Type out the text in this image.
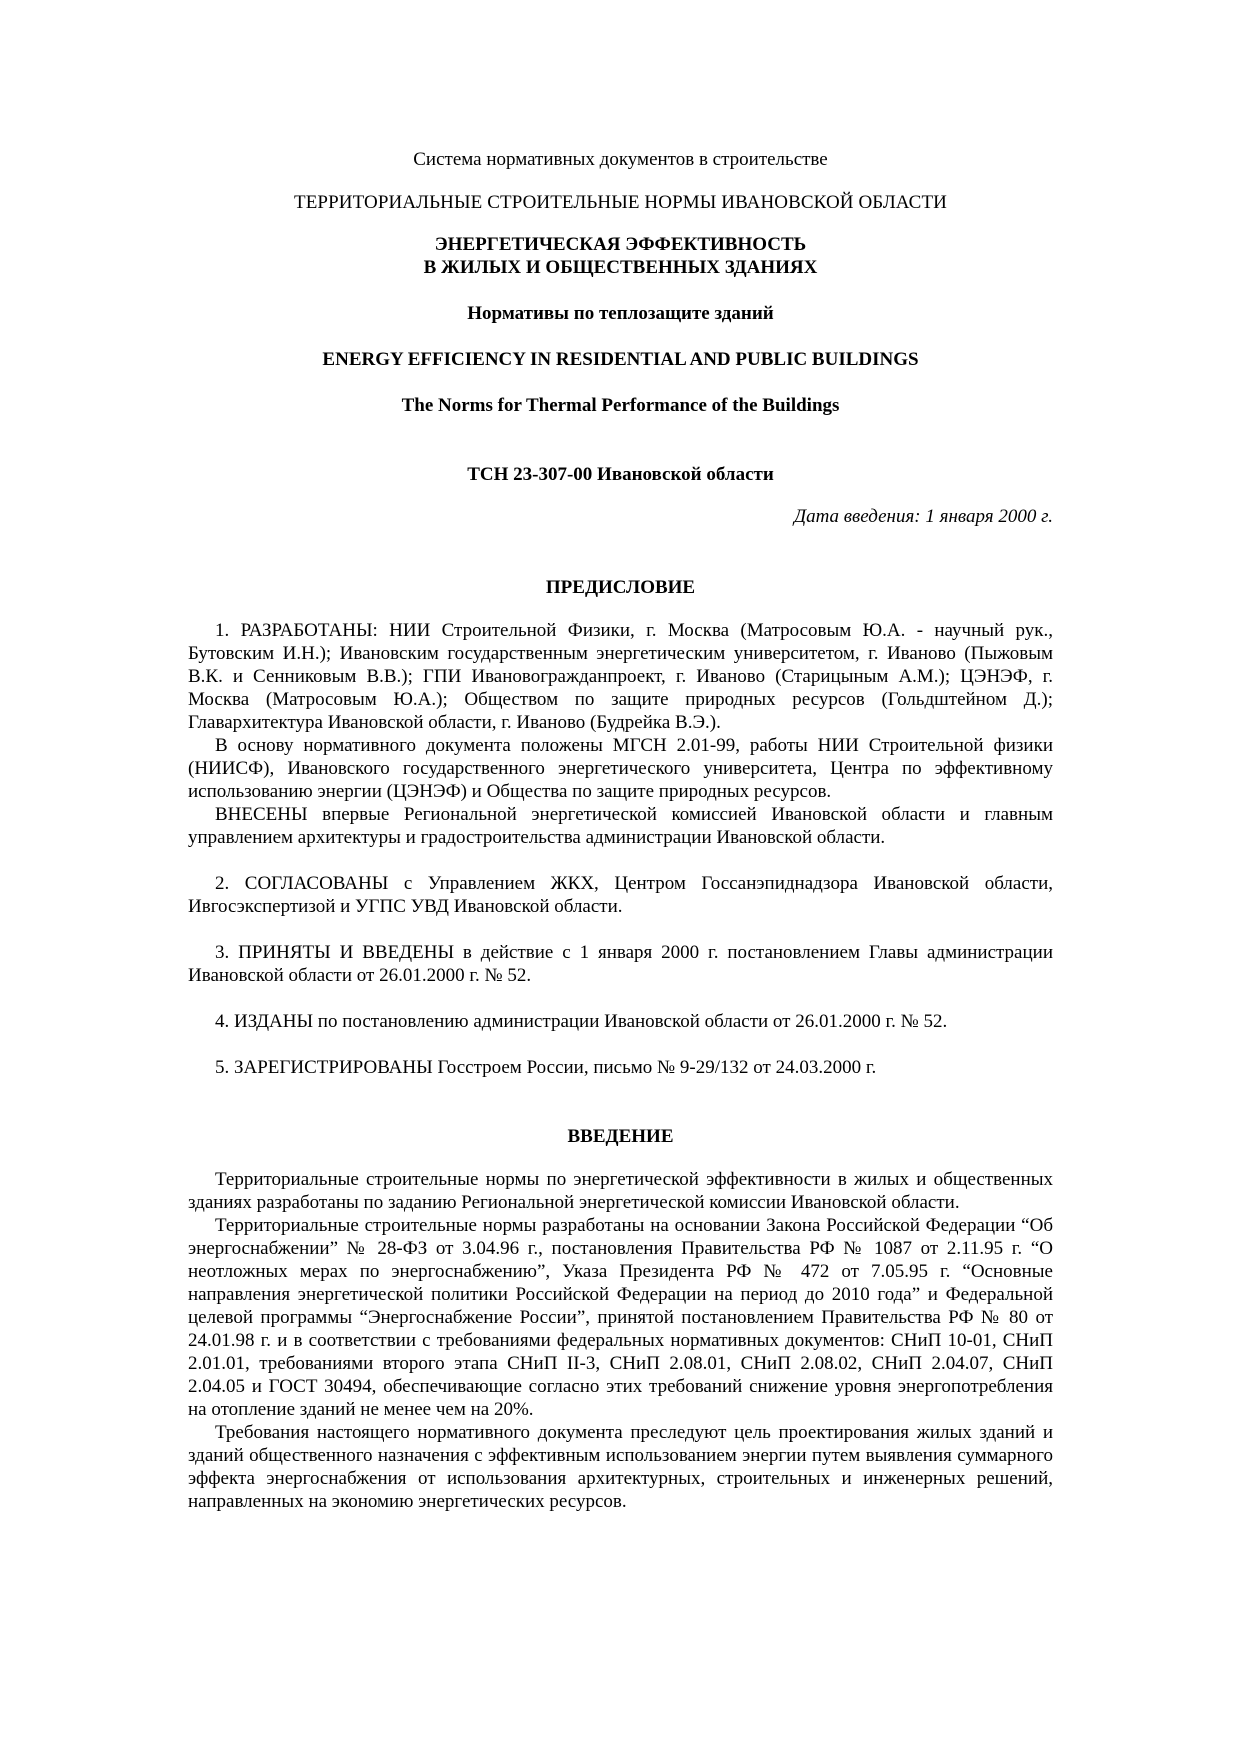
Система нормативных документов в строительстве
ТЕРРИТОРИАЛЬНЫЕ СТРОИТЕЛЬНЫЕ НОРМЫ ИВАНОВСКОЙ ОБЛАСТИ
ЭНЕРГЕТИЧЕСКАЯ ЭФФЕКТИВНОСТЬ
В ЖИЛЫХ И ОБЩЕСТВЕННЫХ ЗДАНИЯХ
Нормативы по теплозащите зданий
ENERGY EFFICIENCY IN RESIDENTIAL AND PUBLIC BUILDINGS
The Norms for Thermal Performance of the Buildings
ТСН 23-307-00 Ивановской области
Дата введения: 1 января 2000 г.
ПРЕДИСЛОВИЕ

1. РАЗРАБОТАНЫ: НИИ Строительной Физики, г. Москва (Матросовым Ю.А. - научный рук., Бутовским И.Н.); Ивановским государственным энергетическим университетом, г. Иваново (Пыжовым В.К. и Сенниковым В.В.); ГПИ Ивановогражданпроект, г. Иваново (Старицыным А.М.); ЦЭНЭФ, г. Москва (Матросовым Ю.А.); Обществом по защите природных ресурсов (Гольдштейном Д.); Главархитектура Ивановской области, г. Иваново (Будрейка В.Э.).

В основу нормативного документа положены МГСН 2.01-99, работы НИИ Строительной физики (НИИСФ), Ивановского государственного энергетического университета, Центра по эффективному использованию энергии (ЦЭНЭФ) и Общества по защите природных ресурсов.

ВНЕСЕНЫ впервые Региональной энергетической комиссией Ивановской области и главным управлением архитектуры и градостроительства администрации Ивановской области.

2. СОГЛАСОВАНЫ с Управлением ЖКХ, Центром Госсанэпиднадзора Ивановской области, Ивгосэкспертизой и УГПС УВД Ивановской области.

3. ПРИНЯТЫ И ВВЕДЕНЫ в действие с 1 января 2000 г. постановлением Главы администрации Ивановской области от 26.01.2000 г. № 52.

4. ИЗДАНЫ по постановлению администрации Ивановской области от 26.01.2000 г. № 52.

5. ЗАРЕГИСТРИРОВАНЫ Госстроем России, письмо № 9-29/132 от 24.03.2000 г.

ВВЕДЕНИЕ

Территориальные строительные нормы по энергетической эффективности в жилых и общественных зданиях разработаны по заданию Региональной энергетической комиссии Ивановской области.

Территориальные строительные нормы разработаны на основании Закона Российской Федерации “Об энергоснабжении” № 28-ФЗ от 3.04.96 г., постановления Правительства РФ № 1087 от 2.11.95 г. “О неотложных мерах по энергоснабжению”, Указа Президента РФ № 472 от 7.05.95 г. “Основные направления энергетической политики Российской Федерации на период до 2010 года” и Федеральной целевой программы “Энергоснабжение России”, принятой постановлением Правительства РФ № 80 от 24.01.98 г. и в соответствии с требованиями федеральных нормативных документов: СНиП 10-01, СНиП 2.01.01, требованиями второго этапа СНиП II-3, СНиП 2.08.01, СНиП 2.08.02, СНиП 2.04.07, СНиП 2.04.05 и ГОСТ 30494, обеспечивающие согласно этих требований снижение уровня энергопотребления на отопление зданий не менее чем на 20%.

Требования настоящего нормативного документа преследуют цель проектирования жилых зданий и зданий общественного назначения с эффективным использованием энергии путем выявления суммарного эффекта энергоснабжения от использования архитектурных, строительных и инженерных решений, направленных на экономию энергетических ресурсов.
